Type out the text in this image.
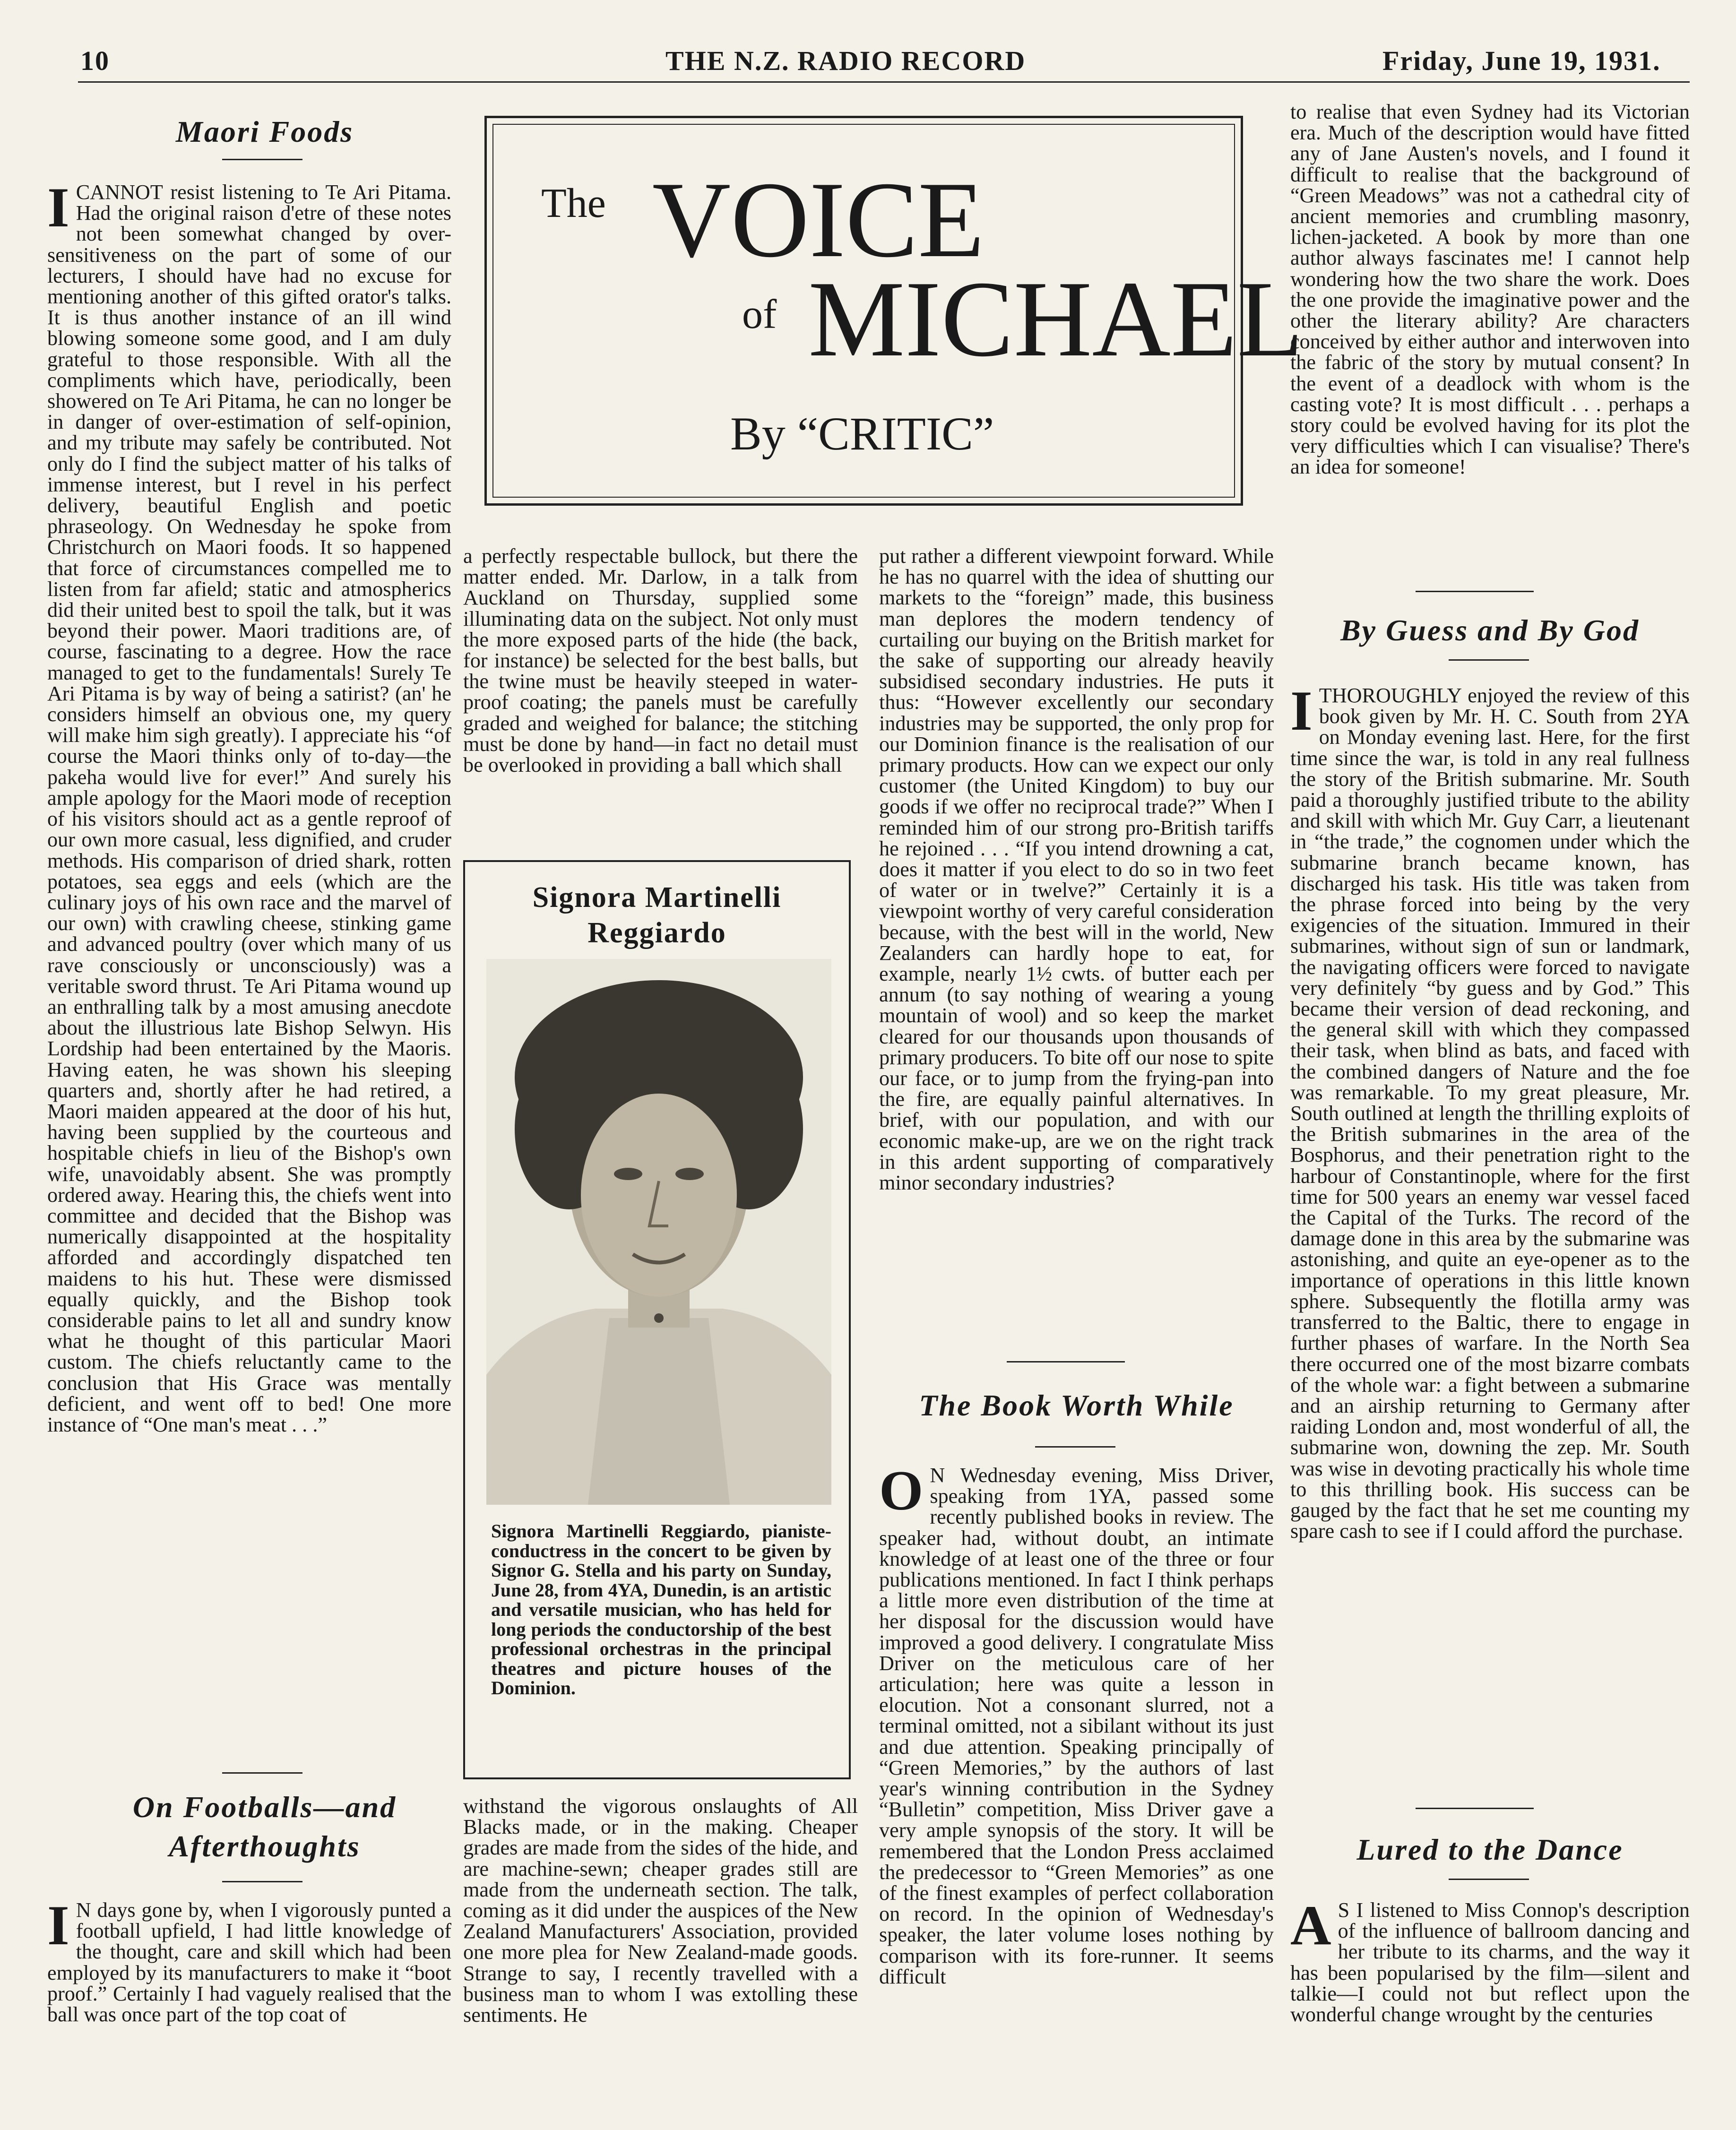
10	THE N.Z. RADIO RECORD	Friday, June 19, 1931.
Maori Foods
I CANNOT resist listening to Te Ari Pitama. Had the original raison d'etre of these notes not been somewhat changed by over-sensitiveness on the part of some of our lecturers, I should have had no excuse for mentioning another of this gifted orator's talks. It is thus another instance of an ill wind blowing someone some good, and I am duly grateful to those responsible. With all the compliments which have, periodically, been showered on Te Ari Pitama, he can no longer be in danger of over-estimation of self-opinion, and my tribute may safely be contributed. Not only do I find the subject matter of his talks of immense interest, but I revel in his perfect delivery, beautiful English and poetic phraseology. On Wednesday he spoke from Christchurch on Maori foods. It so happened that force of circumstances compelled me to listen from far afield; static and atmospherics did their united best to spoil the talk, but it was beyond their power. Maori traditions are, of course, fascinating to a degree. How the race managed to get to the fundamentals! Surely Te Ari Pitama is by way of being a satirist? (an' he considers himself an obvious one, my query will make him sigh greatly). I appreciate his “of course the Maori thinks only of to-day—the pakeha would live for ever!” And surely his ample apology for the Maori mode of reception of his visitors should act as a gentle reproof of our own more casual, less dignified, and cruder methods. His comparison of dried shark, rotten potatoes, sea eggs and eels (which are the culinary joys of his own race and the marvel of our own) with crawling cheese, stinking game and advanced poultry (over which many of us rave consciously or unconsciously) was a veritable sword thrust. Te Ari Pitama wound up an enthralling talk by a most amusing anecdote about the illustrious late Bishop Selwyn. His Lordship had been entertained by the Maoris. Having eaten, he was shown his sleeping quarters and, shortly after he had retired, a Maori maiden appeared at the door of his hut, having been supplied by the courteous and hospitable chiefs in lieu of the Bishop's own wife, unavoidably absent. She was promptly ordered away. Hearing this, the chiefs went into committee and decided that the Bishop was numerically disappointed at the hospitality afforded and accordingly dispatched ten maidens to his hut. These were dismissed equally quickly, and the Bishop took considerable pains to let all and sundry know what he thought of this particular Maori custom. The chiefs reluctantly came to the conclusion that His Grace was mentally deficient, and went off to bed! One more instance of “One man's meat . . .”

On Footballs—and
Afterthoughts
I N days gone by, when I vigorously punted a football upfield, I had little knowledge of the thought, care and skill which had been employed by its manufacturers to make it “boot proof.” Certainly I had vaguely realised that the ball was once part of the top coat of

The VOICE
of MICHAEL
By “CRITIC”

a perfectly respectable bullock, but there the matter ended. Mr. Darlow, in a talk from Auckland on Thursday, supplied some illuminating data on the subject. Not only must the more exposed parts of the hide (the back, for instance) be selected for the best balls, but the twine must be heavily steeped in water-proof coating; the panels must be carefully graded and weighed for balance; the stitching must be done by hand—in fact no detail must be overlooked in providing a ball which shall

Signora Martinelli
Reggiardo
Signora Martinelli Reggiardo, pianiste-conductress in the concert to be given by Signor G. Stella and his party on Sunday, June 28, from 4YA, Dunedin, is an artistic and versatile musician, who has held for long periods the conductorship of the best professional orchestras in the principal theatres and picture houses of the Dominion.

withstand the vigorous onslaughts of All Blacks made, or in the making. Cheaper grades are made from the sides of the hide, and are machine-sewn; cheaper grades still are made from the underneath section. The talk, coming as it did under the auspices of the New Zealand Manufacturers' Association, provided one more plea for New Zealand-made goods. Strange to say, I recently travelled with a business man to whom I was extolling these sentiments. He

put rather a different viewpoint forward. While he has no quarrel with the idea of shutting our markets to the “foreign” made, this business man deplores the modern tendency of curtailing our buying on the British market for the sake of supporting our already heavily subsidised secondary industries. He puts it thus: “However excellently our secondary industries may be supported, the only prop for our Dominion finance is the realisation of our primary products. How can we expect our only customer (the United Kingdom) to buy our goods if we offer no reciprocal trade?” When I reminded him of our strong pro-British tariffs he rejoined . . . “If you intend drowning a cat, does it matter if you elect to do so in two feet of water or in twelve?” Certainly it is a viewpoint worthy of very careful consideration because, with the best will in the world, New Zealanders can hardly hope to eat, for example, nearly 1½ cwts. of butter each per annum (to say nothing of wearing a young mountain of wool) and so keep the market cleared for our thousands upon thousands of primary producers. To bite off our nose to spite our face, or to jump from the frying-pan into the fire, are equally painful alternatives. In brief, with our population, and with our economic make-up, are we on the right track in this ardent supporting of comparatively minor secondary industries?

The Book Worth While
O N Wednesday evening, Miss Driver, speaking from 1YA, passed some recently published books in review. The speaker had, without doubt, an intimate knowledge of at least one of the three or four publications mentioned. In fact I think perhaps a little more even distribution of the time at her disposal for the discussion would have improved a good delivery. I congratulate Miss Driver on the meticulous care of her articulation; here was quite a lesson in elocution. Not a consonant slurred, not a terminal omitted, not a sibilant without its just and due attention. Speaking principally of “Green Memories,” by the authors of last year's winning contribution in the Sydney “Bulletin” competition, Miss Driver gave a very ample synopsis of the story. It will be remembered that the London Press acclaimed the predecessor to “Green Memories” as one of the finest examples of perfect collaboration on record. In the opinion of Wednesday's speaker, the later volume loses nothing by comparison with its fore-runner. It seems difficult

to realise that even Sydney had its Victorian era. Much of the description would have fitted any of Jane Austen's novels, and I found it difficult to realise that the background of “Green Meadows” was not a cathedral city of ancient memories and crumbling masonry, lichen-jacketed. A book by more than one author always fascinates me! I cannot help wondering how the two share the work. Does the one provide the imaginative power and the other the literary ability? Are characters conceived by either author and interwoven into the fabric of the story by mutual consent? In the event of a deadlock with whom is the casting vote? It is most difficult . . . perhaps a story could be evolved having for its plot the very difficulties which I can visualise? There's an idea for someone!

By Guess and By God
I THOROUGHLY enjoyed the review of this book given by Mr. H. C. South from 2YA on Monday evening last. Here, for the first time since the war, is told in any real fullness the story of the British submarine. Mr. South paid a thoroughly justified tribute to the ability and skill with which Mr. Guy Carr, a lieutenant in “the trade,” the cognomen under which the submarine branch became known, has discharged his task. His title was taken from the phrase forced into being by the very exigencies of the situation. Immured in their submarines, without sign of sun or landmark, the navigating officers were forced to navigate very definitely “by guess and by God.” This became their version of dead reckoning, and the general skill with which they compassed their task, when blind as bats, and faced with the combined dangers of Nature and the foe was remarkable. To my great pleasure, Mr. South outlined at length the thrilling exploits of the British submarines in the area of the Bosphorus, and their penetration right to the harbour of Constantinople, where for the first time for 500 years an enemy war vessel faced the Capital of the Turks. The record of the damage done in this area by the submarine was astonishing, and quite an eye-opener as to the importance of operations in this little known sphere. Subsequently the flotilla army was transferred to the Baltic, there to engage in further phases of warfare. In the North Sea there occurred one of the most bizarre combats of the whole war: a fight between a submarine and an airship returning to Germany after raiding London and, most wonderful of all, the submarine won, downing the zep. Mr. South was wise in devoting practically his whole time to this thrilling book. His success can be gauged by the fact that he set me counting my spare cash to see if I could afford the purchase.

Lured to the Dance
A S I listened to Miss Connop's description of the influence of ballroom dancing and her tribute to its charms, and the way it has been popularised by the film—silent and talkie—I could not but reflect upon the wonderful change wrought by the centuries
